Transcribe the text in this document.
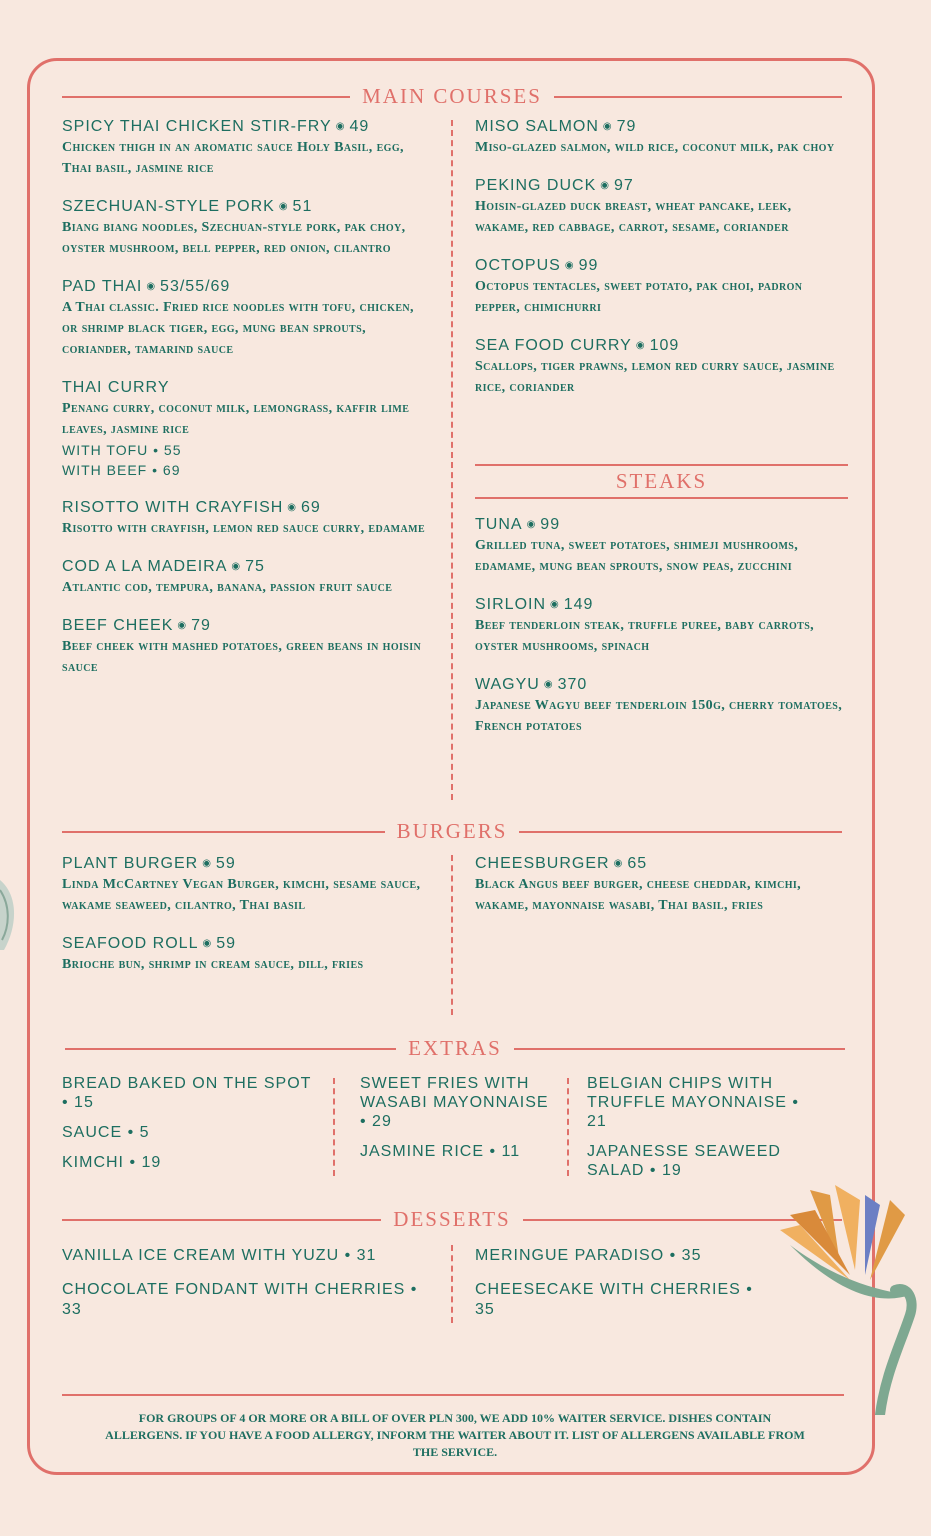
MAIN COURSES
SPICY THAI CHICKEN STIR-FRY ◉ 49
Chicken thigh in an aromatic sauce Holy Basil, egg, Thai basil, jasmine rice
SZECHUAN-STYLE PORK ◉ 51
Biang biang noodles, Szechuan-style pork, pak choy, oyster mushroom, bell pepper, red onion, cilantro
PAD THAI ◉ 53/55/69
A Thai classic. Fried rice noodles with tofu, chicken, or shrimp black tiger, egg, mung bean sprouts, coriander, tamarind sauce
THAI CURRY
Penang curry, coconut milk, lemongrass, kaffir lime leaves, jasmine rice
WITH TOFU • 55
WITH BEEF • 69
RISOTTO WITH CRAYFISH ◉ 69
Risotto with crayfish, lemon red sauce curry, edamame
COD A LA MADEIRA ◉ 75
Atlantic cod, tempura, banana, passion fruit sauce
BEEF CHEEK ◉ 79
Beef cheek with mashed potatoes, green beans in hoisin sauce
MISO SALMON ◉ 79
Miso-glazed salmon, wild rice, coconut milk, pak choy
PEKING DUCK ◉ 97
Hoisin-glazed duck breast, wheat pancake, leek, wakame, red cabbage, carrot, sesame, coriander
OCTOPUS ◉ 99
Octopus tentacles, sweet potato, pak choi, padron pepper, chimichurri
SEA FOOD CURRY ◉ 109
Scallops, tiger prawns, lemon red curry sauce, jasmine rice, coriander
STEAKS
TUNA ◉ 99
Grilled tuna, sweet potatoes, shimeji mushrooms, edamame, mung bean sprouts, snow peas, zucchini
SIRLOIN ◉ 149
Beef tenderloin steak, truffle puree, baby carrots, oyster mushrooms, spinach
WAGYU ◉ 370
Japanese Wagyu beef tenderloin 150g, cherry tomatoes, French potatoes
BURGERS
PLANT BURGER ◉ 59
Linda McCartney Vegan Burger, kimchi, sesame sauce, wakame seaweed, cilantro, Thai basil
SEAFOOD ROLL ◉ 59
Brioche bun, shrimp in cream sauce, dill, fries
CHEESBURGER ◉ 65
Black Angus beef burger, cheese cheddar, kimchi, wakame, mayonnaise wasabi, Thai basil, fries
EXTRAS
BREAD BAKED ON THE SPOT • 15
SAUCE • 5
KIMCHI • 19
SWEET FRIES WITH WASABI MAYONNAISE • 29
JASMINE RICE • 11
BELGIAN CHIPS WITH TRUFFLE MAYONNAISE • 21
JAPANESSE SEAWEED SALAD • 19
DESSERTS
VANILLA ICE CREAM WITH YUZU • 31
CHOCOLATE FONDANT WITH CHERRIES • 33
MERINGUE PARADISO • 35
CHEESECAKE WITH CHERRIES • 35
FOR GROUPS OF 4 OR MORE OR A BILL OF OVER PLN 300, WE ADD 10% WAITER SERVICE. DISHES CONTAIN ALLERGENS. IF YOU HAVE A FOOD ALLERGY, INFORM THE WAITER ABOUT IT. LIST OF ALLERGENS AVAILABLE FROM THE SERVICE.
